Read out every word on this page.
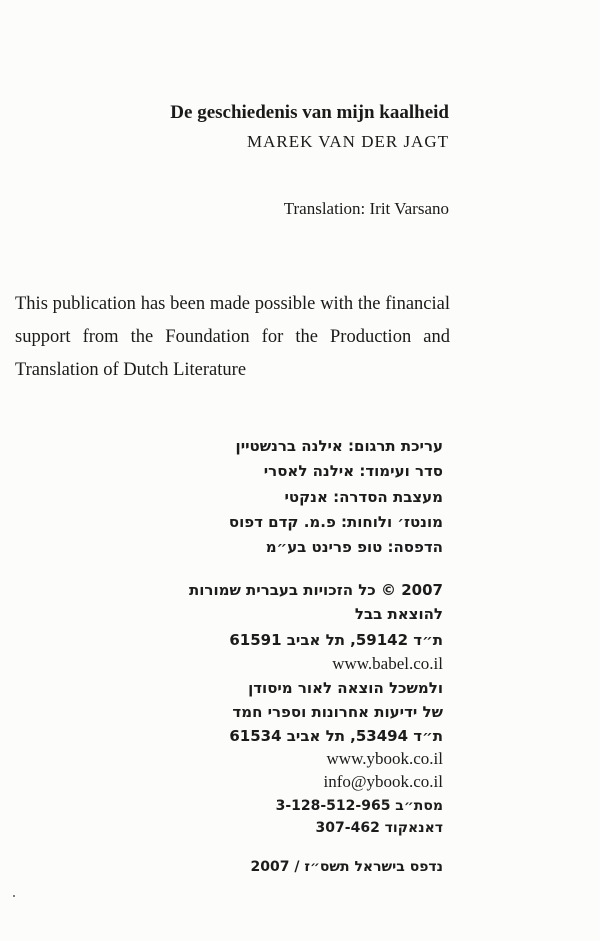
De geschiedenis van mijn kaalheid
MAREK VAN DER JAGT
Translation: Irit Varsano
This publication has been made possible with the financial support from the Foundation for the Production and Translation of Dutch Literature
עריכת תרגום: אילנה ברנשטיין
סדר ועימוד: אילנה לאסרי
מעצבת הסדרה: אנקטי
מונטז׳ ולוחות: פ.מ. קדם דפוס
הדפסה: טופ פרינט בע״מ
2007 © כל הזכויות בעברית שמורות
להוצאת בבל
ת״ד 59142, תל אביב 61591
www.babel.co.il
ולמשכל הוצאה לאור מיסודן
של ידיעות אחרונות וספרי חמד
ת״ד 53494, תל אביב 61534
www.ybook.co.il
info@ybook.co.il
מסת״ב 3-128-512-965
דאנאקוד 307-462
נדפס בישראל תשס״ז / 2007
